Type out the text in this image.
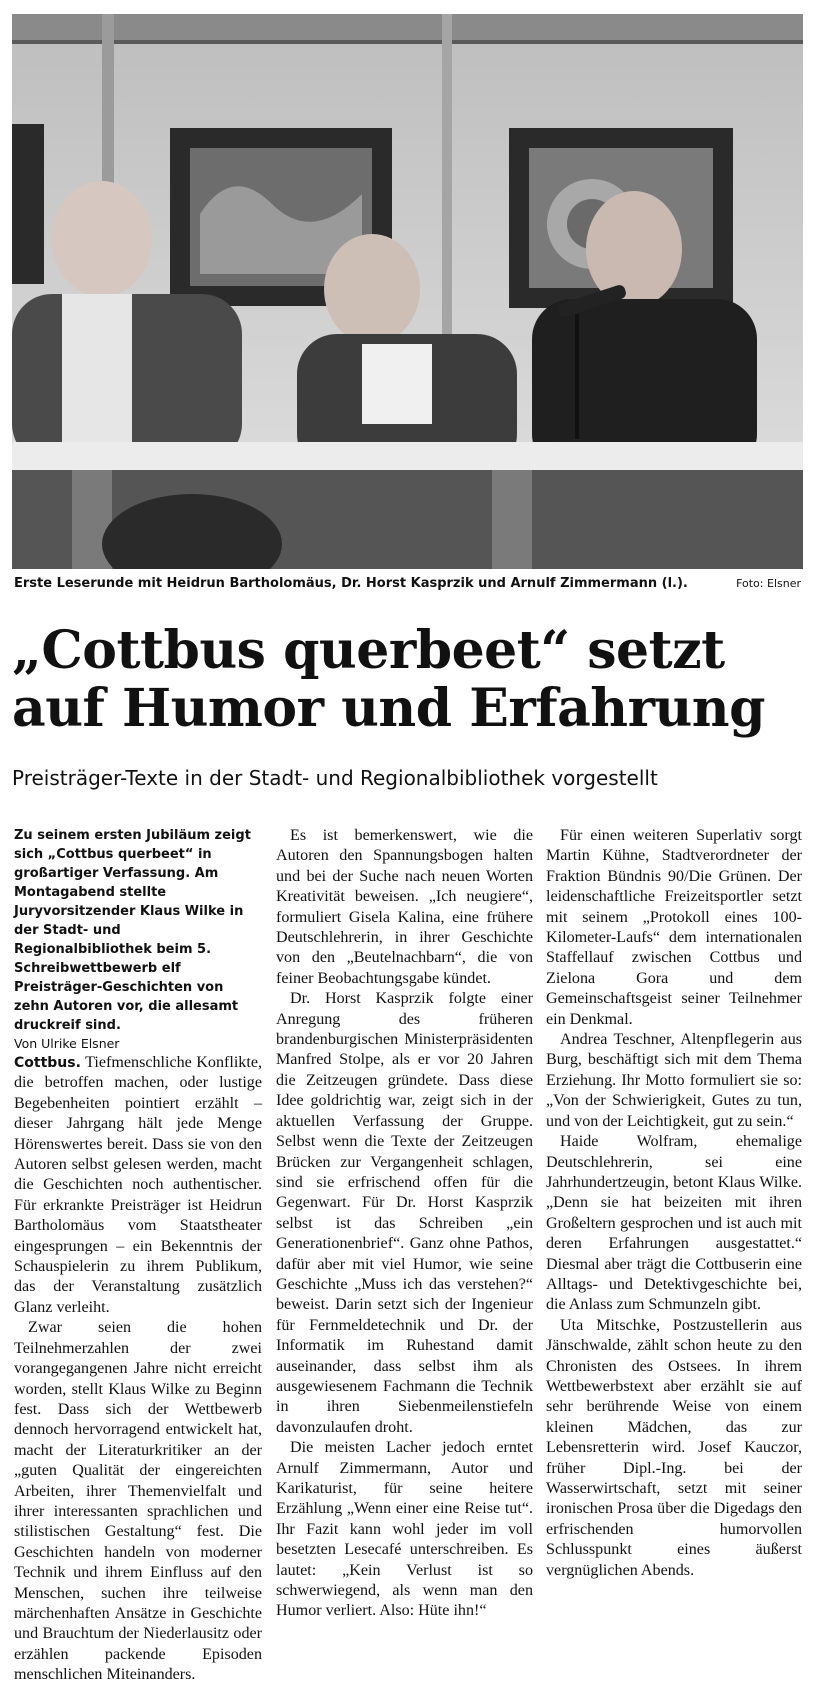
Erste Leserunde mit Heidrun Bartholomäus, Dr. Horst Kasprzik und Arnulf Zimmermann (l.).	Foto: Elsner
„Cottbus querbeet“ setzt
auf Humor und Erfahrung
Preisträger-Texte in der Stadt- und Regionalbibliothek vorgestellt

Zu seinem ersten Jubiläum zeigt sich „Cottbus querbeet“ in großartiger Verfassung. Am Montagabend stellte Juryvorsitzender Klaus Wilke in der Stadt- und Regionalbibliothek beim 5. Schreibwettbewerb elf Preisträger-Geschichten von zehn Autoren vor, die allesamt druckreif sind.

Von Ulrike Elsner

Cottbus. Tiefmenschliche Konflikte, die betroffen machen, oder lustige Begebenheiten pointiert erzählt – dieser Jahrgang hält jede Menge Hörenswertes bereit. Dass sie von den Autoren selbst gelesen werden, macht die Geschichten noch authentischer. Für erkrankte Preisträger ist Heidrun Bartholomäus vom Staatstheater eingesprungen – ein Bekenntnis der Schauspielerin zu ihrem Publikum, das der Veranstaltung zusätzlich Glanz verleiht.

Zwar seien die hohen Teilnehmerzahlen der zwei vorangegangenen Jahre nicht erreicht worden, stellt Klaus Wilke zu Beginn fest. Dass sich der Wettbewerb dennoch hervorragend entwickelt hat, macht der Literaturkritiker an der „guten Qualität der eingereichten Arbeiten, ihrer Themenvielfalt und ihrer interessanten sprachlichen und stilistischen Gestaltung“ fest. Die Geschichten handeln von moderner Technik und ihrem Einfluss auf den Menschen, suchen ihre teilweise märchenhaften Ansätze in Geschichte und Brauchtum der Niederlausitz oder erzählen packende Episoden menschlichen Miteinanders.

Es ist bemerkenswert, wie die Autoren den Spannungsbogen halten und bei der Suche nach neuen Worten Kreativität beweisen. „Ich neugiere“, formuliert Gisela Kalina, eine frühere Deutschlehrerin, in ihrer Geschichte von den „Beutelnachbarn“, die von feiner Beobachtungsgabe kündet.

Dr. Horst Kasprzik folgte einer Anregung des früheren brandenburgischen Ministerpräsidenten Manfred Stolpe, als er vor 20 Jahren die Zeitzeugen gründete. Dass diese Idee goldrichtig war, zeigt sich in der aktuellen Verfassung der Gruppe. Selbst wenn die Texte der Zeitzeugen Brücken zur Vergangenheit schlagen, sind sie erfrischend offen für die Gegenwart. Für Dr. Horst Kasprzik selbst ist das Schreiben „ein Generationenbrief“. Ganz ohne Pathos, dafür aber mit viel Humor, wie seine Geschichte „Muss ich das verstehen?“ beweist. Darin setzt sich der Ingenieur für Fernmeldetechnik und Dr. der Informatik im Ruhestand damit auseinander, dass selbst ihm als ausgewiesenem Fachmann die Technik in ihren Siebenmeilenstiefeln davonzulaufen droht.

Die meisten Lacher jedoch erntet Arnulf Zimmermann, Autor und Karikaturist, für seine heitere Erzählung „Wenn einer eine Reise tut“. Ihr Fazit kann wohl jeder im voll besetzten Lesecafé unterschreiben. Es lautet: „Kein Verlust ist so schwerwiegend, als wenn man den Humor verliert. Also: Hüte ihn!“

Für einen weiteren Superlativ sorgt Martin Kühne, Stadtverordneter der Fraktion Bündnis 90/Die Grünen. Der leidenschaftliche Freizeitsportler setzt mit seinem „Protokoll eines 100-Kilometer-Laufs“ dem internationalen Staffellauf zwischen Cottbus und Zielona Gora und dem Gemeinschaftsgeist seiner Teilnehmer ein Denkmal.

Andrea Teschner, Altenpflegerin aus Burg, beschäftigt sich mit dem Thema Erziehung. Ihr Motto formuliert sie so: „Von der Schwierigkeit, Gutes zu tun, und von der Leichtigkeit, gut zu sein.“

Haide Wolfram, ehemalige Deutschlehrerin, sei eine Jahrhundertzeugin, betont Klaus Wilke. „Denn sie hat beizeiten mit ihren Großeltern gesprochen und ist auch mit deren Erfahrungen ausgestattet.“ Diesmal aber trägt die Cottbuserin eine Alltags- und Detektivgeschichte bei, die Anlass zum Schmunzeln gibt.

Uta Mitschke, Postzustellerin aus Jänschwalde, zählt schon heute zu den Chronisten des Ostsees. In ihrem Wettbewerbstext aber erzählt sie auf sehr berührende Weise von einem kleinen Mädchen, das zur Lebensretterin wird. Josef Kauczor, früher Dipl.-Ing. bei der Wasserwirtschaft, setzt mit seiner ironischen Prosa über die Digedags den erfrischenden humorvollen Schlusspunkt eines äußerst vergnüglichen Abends.
